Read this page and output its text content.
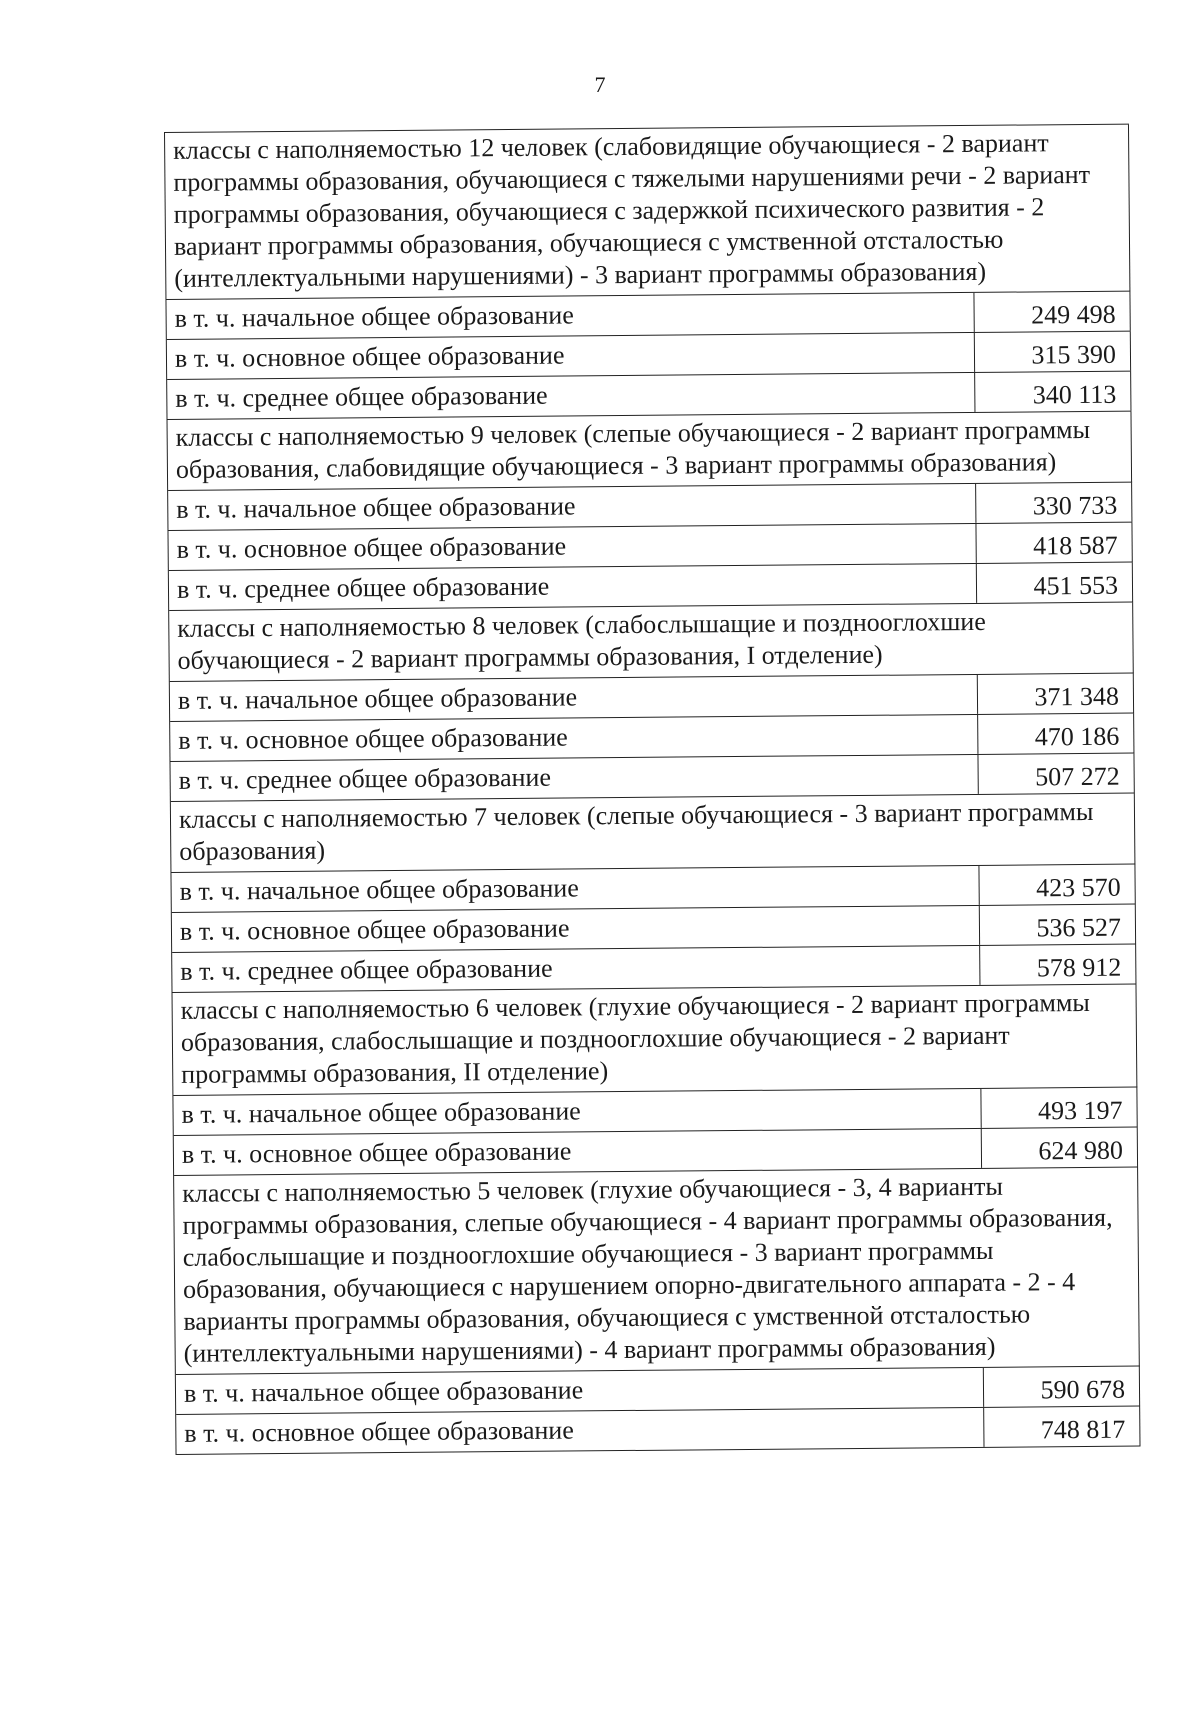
7
классы с наполняемостью 12 человек (слабовидящие обучающиеся - 2 вариант программы образования, обучающиеся с тяжелыми нарушениями речи - 2 вариант программы образования, обучающиеся с задержкой психического развития - 2 вариант программы образования, обучающиеся с умственной отсталостью (интеллектуальными нарушениями) - 3 вариант программы образования)
в т. ч. начальное общее образование	249 498
в т. ч. основное общее образование	315 390
в т. ч. среднее общее образование	340 113
классы с наполняемостью 9 человек (слепые обучающиеся - 2 вариант программы образования, слабовидящие обучающиеся - 3 вариант программы образования)
в т. ч. начальное общее образование	330 733
в т. ч. основное общее образование	418 587
в т. ч. среднее общее образование	451 553
классы с наполняемостью 8 человек (слабослышащие и позднооглохшие обучающиеся - 2 вариант программы образования, I отделение)
в т. ч. начальное общее образование	371 348
в т. ч. основное общее образование	470 186
в т. ч. среднее общее образование	507 272
классы с наполняемостью 7 человек (слепые обучающиеся - 3 вариант программы образования)
в т. ч. начальное общее образование	423 570
в т. ч. основное общее образование	536 527
в т. ч. среднее общее образование	578 912
классы с наполняемостью 6 человек (глухие обучающиеся - 2 вариант программы образования, слабослышащие и позднооглохшие обучающиеся - 2 вариант программы образования, II отделение)
в т. ч. начальное общее образование	493 197
в т. ч. основное общее образование	624 980
классы с наполняемостью 5 человек (глухие обучающиеся - 3, 4 варианты программы образования, слепые обучающиеся - 4 вариант программы образования, слабослышащие и позднооглохшие обучающиеся - 3 вариант программы образования, обучающиеся с нарушением опорно-двигательного аппарата - 2 - 4 варианты программы образования, обучающиеся с умственной отсталостью (интеллектуальными нарушениями) - 4 вариант программы образования)
в т. ч. начальное общее образование	590 678
в т. ч. основное общее образование	748 817
